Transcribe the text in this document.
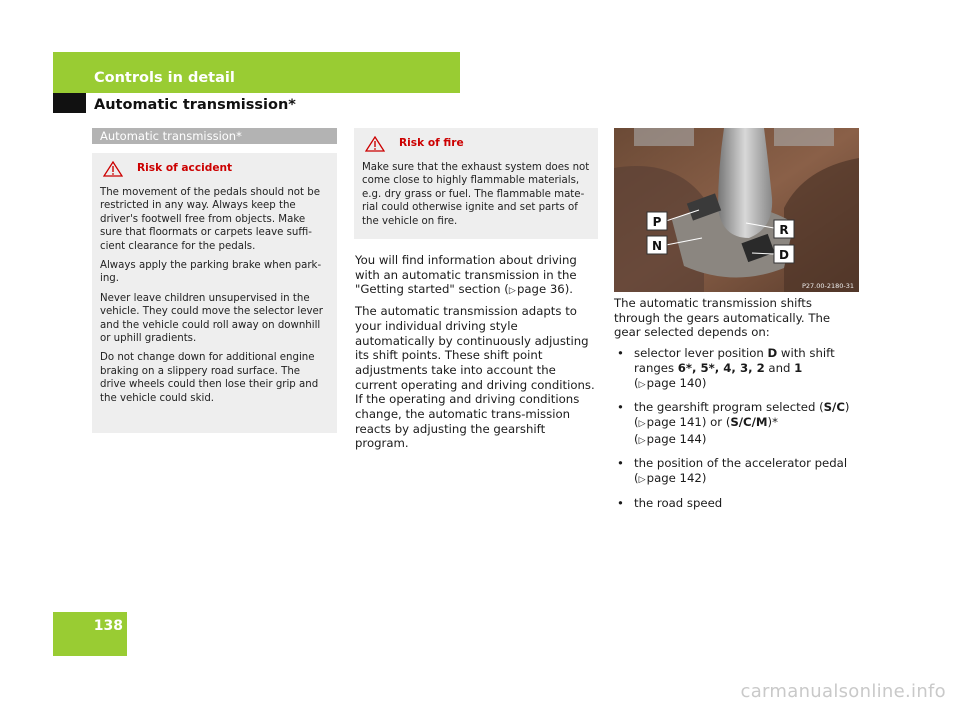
Controls in detail
Automatic transmission*
Automatic transmission*
Risk of accident

The movement of the pedals should not be restricted in any way. Always keep the driver's footwell free from objects. Make sure that floormats or carpets leave suffi-cient clearance for the pedals.

Always apply the parking brake when park-ing.

Never leave children unsupervised in the vehicle. They could move the selector lever and the vehicle could roll away on downhill or uphill gradients.

Do not change down for additional engine braking on a slippery road surface. The drive wheels could then lose their grip and the vehicle could skid.

Risk of fire

Make sure that the exhaust system does not come close to highly flammable materials, e.g. dry grass or fuel. The flammable mate-rial could otherwise ignite and set parts of the vehicle on fire.

You will find information about driving with an automatic transmission in the "Getting started" section (▷ page 36).

The automatic transmission adapts to your individual driving style automatically by continuously adjusting its shift points. These shift point adjustments take into account the current operating and driving conditions. If the operating and driving conditions change, the automatic trans-mission reacts by adjusting the gearshift program.

P
N
R
D
P27.00-2180-31

The automatic transmission shifts through the gears automatically. The gear selected depends on:

• selector lever position D with shift ranges 6*, 5*, 4, 3, 2 and 1
(▷ page 140)
• the gearshift program selected (S/C)
(▷ page 141) or (S/C/M)*
(▷ page 144)
• the position of the accelerator pedal
(▷ page 142)
• the road speed
138
carmanualsonline.info
